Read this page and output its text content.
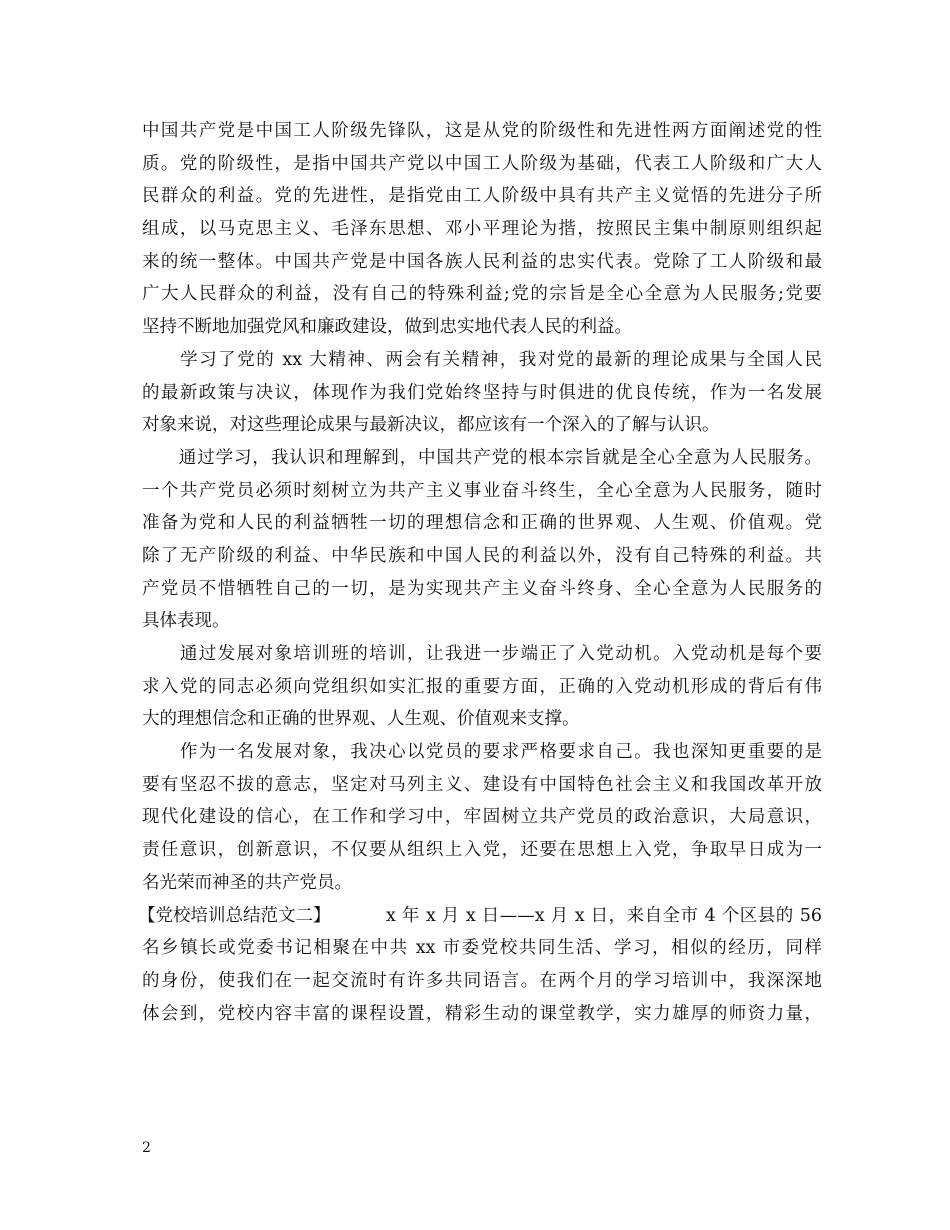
中国共产党是中国工人阶级先锋队，这是从党的阶级性和先进性两方面阐述党的性
质。党的阶级性，是指中国共产党以中国工人阶级为基础，代表工人阶级和广大人
民群众的利益。党的先进性，是指党由工人阶级中具有共产主义觉悟的先进分子所
组成，以马克思主义、毛泽东思想、邓小平理论为揩，按照民主集中制原则组织起
来的统一整体。中国共产党是中国各族人民利益的忠实代表。党除了工人阶级和最
广大人民群众的利益，没有自己的特殊利益;党的宗旨是全心全意为人民服务;党要
坚持不断地加强党风和廉政建设，做到忠实地代表人民的利益。
　　学习了党的 xx 大精神、两会有关精神，我对党的最新的理论成果与全国人民
的最新政策与决议，体现作为我们党始终坚持与时俱进的优良传统，作为一名发展
对象来说，对这些理论成果与最新决议，都应该有一个深入的了解与认识。
　　通过学习，我认识和理解到，中国共产党的根本宗旨就是全心全意为人民服务。
一个共产党员必须时刻树立为共产主义事业奋斗终生，全心全意为人民服务，随时
准备为党和人民的利益牺牲一切的理想信念和正确的世界观、人生观、价值观。党
除了无产阶级的利益、中华民族和中国人民的利益以外，没有自己特殊的利益。共
产党员不惜牺牲自己的一切，是为实现共产主义奋斗终身、全心全意为人民服务的
具体表现。
　　通过发展对象培训班的培训，让我进一步端正了入党动机。入党动机是每个要
求入党的同志必须向党组织如实汇报的重要方面，正确的入党动机形成的背后有伟
大的理想信念和正确的世界观、人生观、价值观来支撑。
　　作为一名发展对象，我决心以党员的要求严格要求自己。我也深知更重要的是
要有坚忍不拔的意志，坚定对马列主义、建设有中国特色社会主义和我国改革开放
现代化建设的信心，在工作和学习中，牢固树立共产党员的政治意识，大局意识，
责任意识，创新意识，不仅要从组织上入党，还要在思想上入党，争取早日成为一
名光荣而神圣的共产党员。
【党校培训总结范文二】	x 年 x 月 x 日——x 月 x 日，来自全市 4 个区县的 56
名乡镇长或党委书记相聚在中共 xx 市委党校共同生活、学习，相似的经历，同样
的身份，使我们在一起交流时有许多共同语言。在两个月的学习培训中，我深深地
体会到，党校内容丰富的课程设置，精彩生动的课堂教学，实力雄厚的师资力量，
2
